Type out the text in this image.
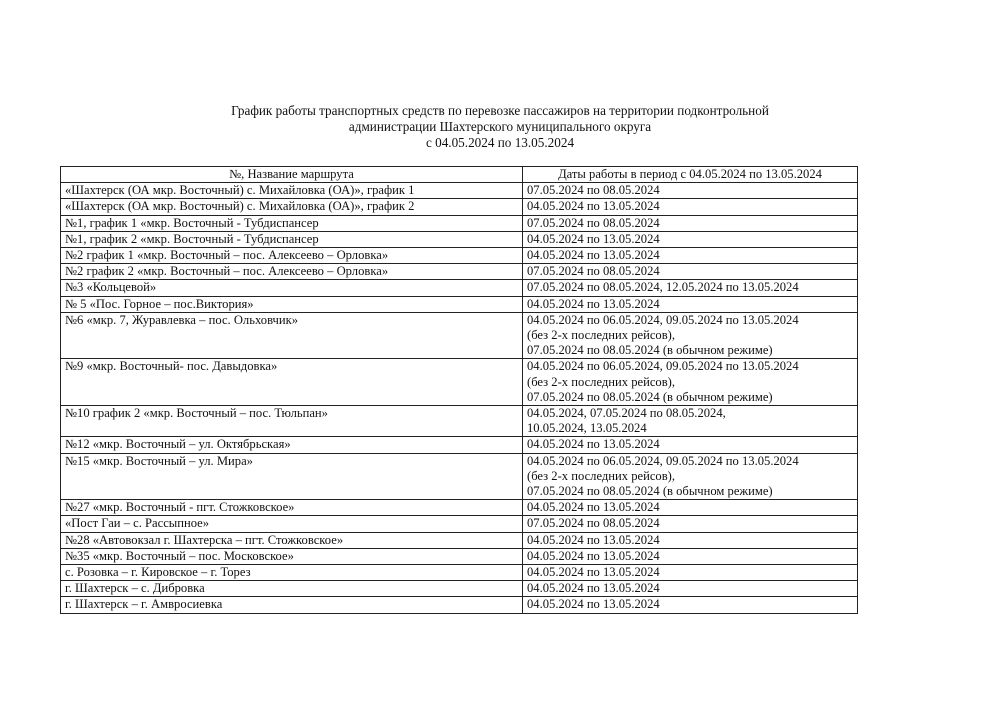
График работы транспортных средств по перевозке пассажиров на территории подконтрольной
администрации Шахтерского муниципального округа
с 04.05.2024 по 13.05.2024
№, Название маршрута	Даты работы в период с 04.05.2024 по 13.05.2024
«Шахтерск (ОА мкр. Восточный) с. Михайловка (ОА)», график 1	07.05.2024 по 08.05.2024

«Шахтерск (ОА мкр. Восточный) с. Михайловка (ОА)», график 2	04.05.2024 по 13.05.2024

№1, график 1 «мкр. Восточный - Тубдиспансер	07.05.2024 по 08.05.2024

№1, график 2 «мкр. Восточный - Тубдиспансер	04.05.2024 по 13.05.2024

№2 график 1 «мкр. Восточный – пос. Алексеево – Орловка»	04.05.2024 по 13.05.2024

№2 график 2 «мкр. Восточный – пос. Алексеево – Орловка»	07.05.2024 по 08.05.2024

№3 «Кольцевой»	07.05.2024 по 08.05.2024, 12.05.2024 по 13.05.2024

№ 5 «Пос. Горное – пос.Виктория»	04.05.2024 по 13.05.2024

№6 «мкр. 7, Журавлевка – пос. Ольховчик»	04.05.2024 по 06.05.2024, 09.05.2024 по 13.05.2024
(без 2-х последних рейсов),
07.05.2024 по 08.05.2024 (в обычном режиме)

№9 «мкр. Восточный- пос. Давыдовка»	04.05.2024 по 06.05.2024, 09.05.2024 по 13.05.2024
(без 2-х последних рейсов),
07.05.2024 по 08.05.2024 (в обычном режиме)

№10 график 2 «мкр. Восточный – пос. Тюльпан»	04.05.2024, 07.05.2024 по 08.05.2024,
10.05.2024, 13.05.2024

№12 «мкр. Восточный – ул. Октябрьская»	04.05.2024 по 13.05.2024

№15 «мкр. Восточный – ул. Мира»	04.05.2024 по 06.05.2024, 09.05.2024 по 13.05.2024
(без 2-х последних рейсов),
07.05.2024 по 08.05.2024 (в обычном режиме)

№27 «мкр. Восточный - пгт. Стожковское»	04.05.2024 по 13.05.2024

«Пост Гаи – с. Рассыпное»	07.05.2024 по 08.05.2024

№28 «Автовокзал г. Шахтерска – пгт. Стожковское»	04.05.2024 по 13.05.2024

№35 «мкр. Восточный – пос. Московское»	04.05.2024 по 13.05.2024

с. Розовка – г. Кировское – г. Торез	04.05.2024 по 13.05.2024

г. Шахтерск – с. Дибровка	04.05.2024 по 13.05.2024

г. Шахтерск – г. Амвросиевка	04.05.2024 по 13.05.2024
